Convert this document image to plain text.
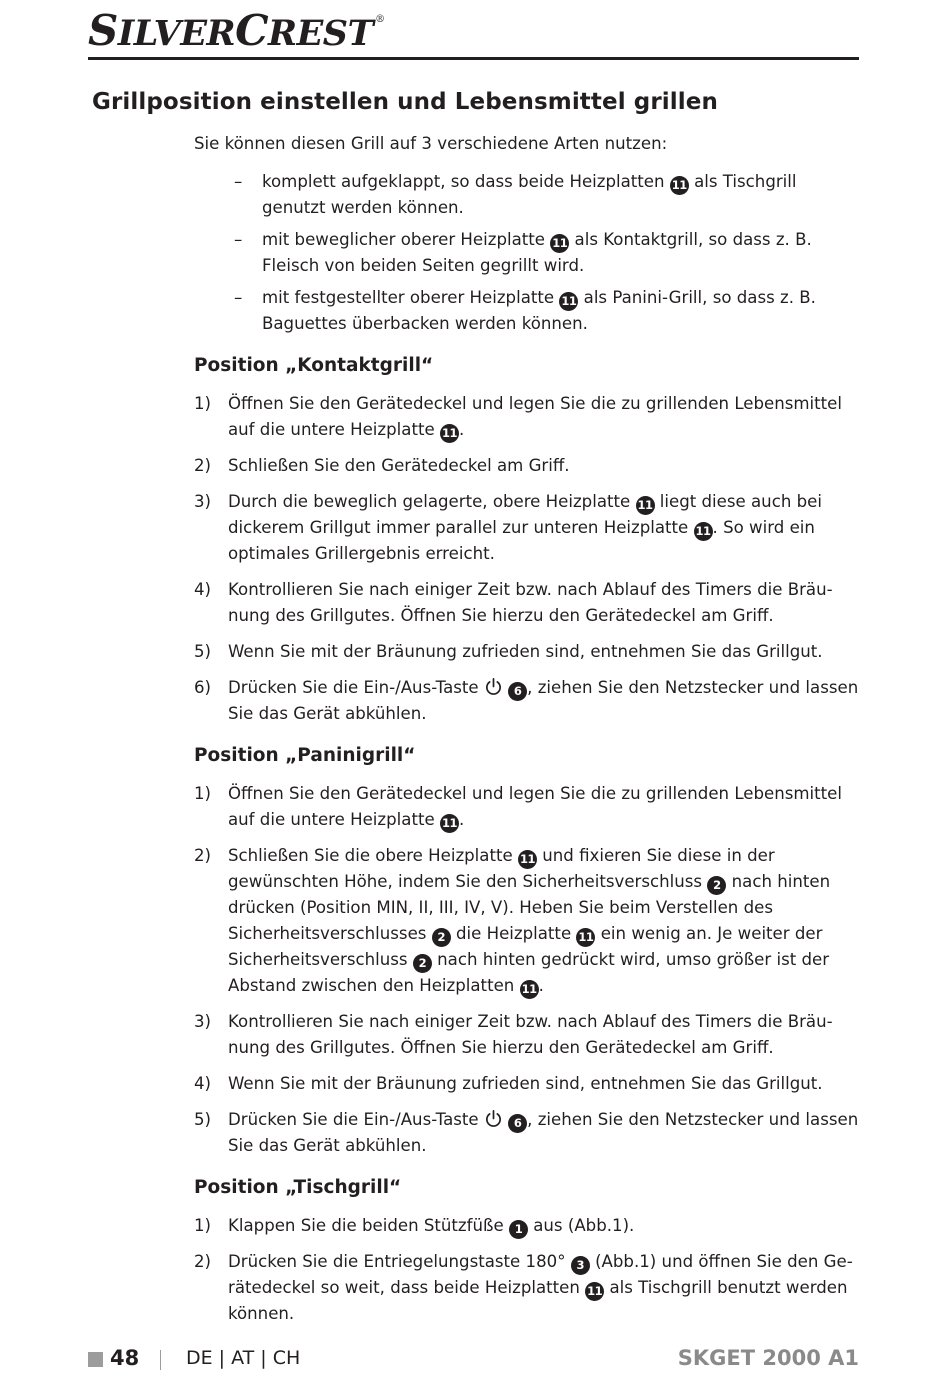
SILVERCREST ®
Grillposition einstellen und Lebensmittel grillen

Sie können diesen Grill auf 3 verschiedene Arten nutzen:

– komplett aufgeklappt, so dass beide Heizplatten 11 als Tischgrill genutzt werden können.
– mit beweglicher oberer Heizplatte 11 als Kontaktgrill, so dass z. B. Fleisch von beiden Seiten gegrillt wird.
– mit festgestellter oberer Heizplatte 11 als Panini-Grill, so dass z. B. Baguettes überbacken werden können.
Position „Kontaktgrill“
1) Öffnen Sie den Gerätedeckel und legen Sie die zu grillenden Lebensmittel auf die untere Heizplatte 11 .
2) Schließen Sie den Gerätedeckel am Griff.
3) Durch die beweglich gelagerte, obere Heizplatte 11 liegt diese auch bei dickerem Grillgut immer parallel zur unteren Heizplatte 11 . So wird ein optimales Grillergebnis erreicht.
4) Kontrollieren Sie nach einiger Zeit bzw. nach Ablauf des Timers die Bräu-nung des Grillgutes. Öffnen Sie hierzu den Gerätedeckel am Griff.
5) Wenn Sie mit der Bräunung zufrieden sind, entnehmen Sie das Grillgut.
6) Drücken Sie die Ein-/Aus-Taste	6 , ziehen Sie den Netzstecker und lassen Sie das Gerät abkühlen.
Position „Paninigrill“
1) Öffnen Sie den Gerätedeckel und legen Sie die zu grillenden Lebensmittel auf die untere Heizplatte 11 .
2) Schließen Sie die obere Heizplatte 11 und fixieren Sie diese in der gewünschten Höhe, indem Sie den Sicherheitsverschluss 2 nach hinten drücken (Position MIN, II, III, IV, V). Heben Sie beim Verstellen des Sicherheitsverschlusses 2 die Heizplatte 11 ein wenig an. Je weiter der Sicherheitsverschluss 2 nach hinten gedrückt wird, umso größer ist der Abstand zwischen den Heizplatten 11 .
3) Kontrollieren Sie nach einiger Zeit bzw. nach Ablauf des Timers die Bräu-nung des Grillgutes. Öffnen Sie hierzu den Gerätedeckel am Griff.
4) Wenn Sie mit der Bräunung zufrieden sind, entnehmen Sie das Grillgut.
5) Drücken Sie die Ein-/Aus-Taste	6 , ziehen Sie den Netzstecker und lassen Sie das Gerät abkühlen.
Position „Tischgrill“
1) Klappen Sie die beiden Stützfüße 1 aus (Abb.1).
2) Drücken Sie die Entriegelungstaste 180° 3 (Abb.1) und öffnen Sie den Ge-rätedeckel so weit, dass beide Heizplatten 11 als Tischgrill benutzt werden können.
48 DE | AT | CH	SKGET 2000 A1
